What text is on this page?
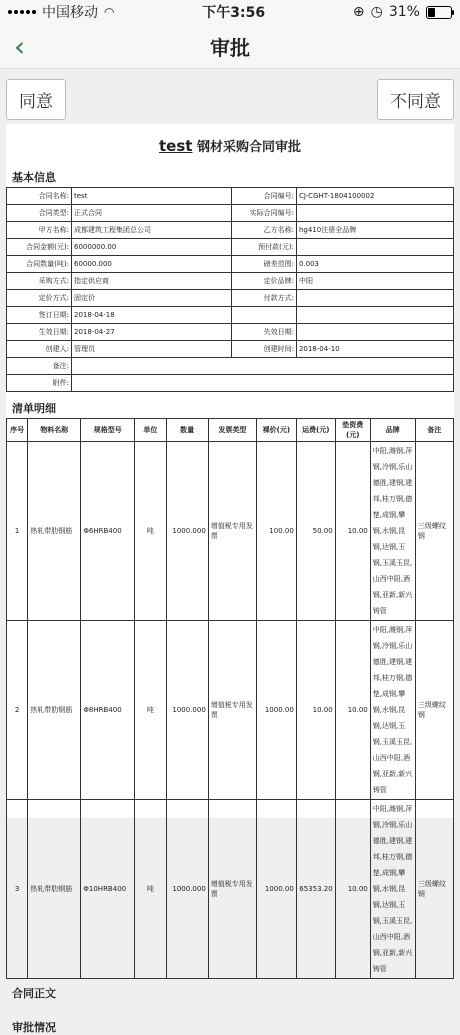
中国移动 ◠	下午3:56	⊕ ◷ 31%
‹	审批
同意	不同意
test 钢材采购合同审批
基本信息
合同名称:	test	合同编号:	CJ-CGHT-1804100002
合同类型:	正式合同	实际合同编号:	
甲方名称:	成都建筑工程集团总公司	乙方名称:	hg410注册全品牌
合同金额(元):	6000000.00	预付款(元):	
合同数量(吨):	60000.000	磅差范围:	0.003
采购方式:	指定供应商	定价品牌:	中阳
定价方式:	固定价	付款方式:	
签订日期:	2018-04-18		
生效日期:	2018-04-27	失效日期:	
创建人:	管理员	创建时间:	2018-04-10
备注:			
附件:			
清单明细
序号	物料名称	规格型号	单位	数量	发票类型	裸价(元)	运费(元)	垫资费(元)	品牌	备注
1	热轧带肋钢筋	Φ6HRB400	吨	1000.000	增值税专用发票	100.00	50.00	10.00	中阳,潍钢,萍钢,冷钢,乐山德胜,建钢,建邦,桂万钢,德楚,成钢,攀钢,水钢,昆钢,达钢,玉钢,玉溪玉昆,山西中阳,酒钢,亚新,新兴铸管	三级螺纹钢
2	热轧带肋钢筋	Φ8HRB400	吨	1000.000	增值税专用发票	1000.00	10.00	10.00	中阳,潍钢,萍钢,冷钢,乐山德胜,建钢,建邦,桂万钢,德楚,成钢,攀钢,水钢,昆钢,达钢,玉钢,玉溪玉昆,山西中阳,酒钢,亚新,新兴铸管	三级螺纹钢
3	热轧带肋钢筋	Φ10HRB400	吨	1000.000	增值税专用发票	1000.00	65353.20	10.00	中阳,潍钢,萍钢,冷钢,乐山德胜,建钢,建邦,桂万钢,德楚,成钢,攀钢,水钢,昆钢,达钢,玉钢,玉溪玉昆,山西中阳,酒钢,亚新,新兴铸管	三级螺纹钢
合同正文
审批情况
